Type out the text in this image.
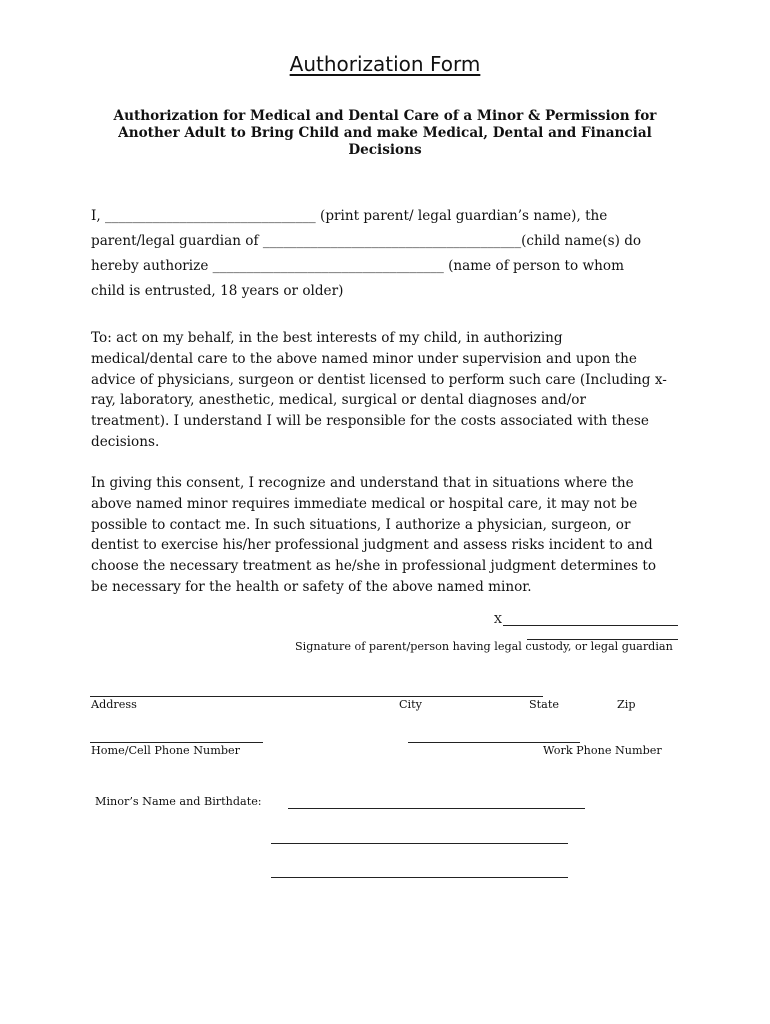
Authorization Form
Authorization for Medical and Dental Care of a Minor & Permission for Another Adult to Bring Child and make Medical, Dental and Financial Decisions
I, _______________________________ (print parent/ legal guardian’s name), the
parent/legal guardian of ______________________________________(child name(s) do
hereby authorize __________________________________ (name of person to whom
child is entrusted, 18 years or older)
To: act on my behalf, in the best interests of my child, in authorizing
medical/dental care to the above named minor under supervision and upon the
advice of physicians, surgeon or dentist licensed to perform such care (Including x-
ray, laboratory, anesthetic, medical, surgical or dental diagnoses and/or
treatment). I understand I will be responsible for the costs associated with these
decisions.
In giving this consent, I recognize and understand that in situations where the
above named minor requires immediate medical or hospital care, it may not be
possible to contact me. In such situations, I authorize a physician, surgeon, or
dentist to exercise his/her professional judgment and assess risks incident to and
choose the necessary treatment as he/she in professional judgment determines to
be necessary for the health or safety of the above named minor.
X
Signature of parent/person having legal custody, or legal guardian
Address	City	State	Zip
Home/Cell Phone Number	Work Phone Number
Minor’s Name and Birthdate:
